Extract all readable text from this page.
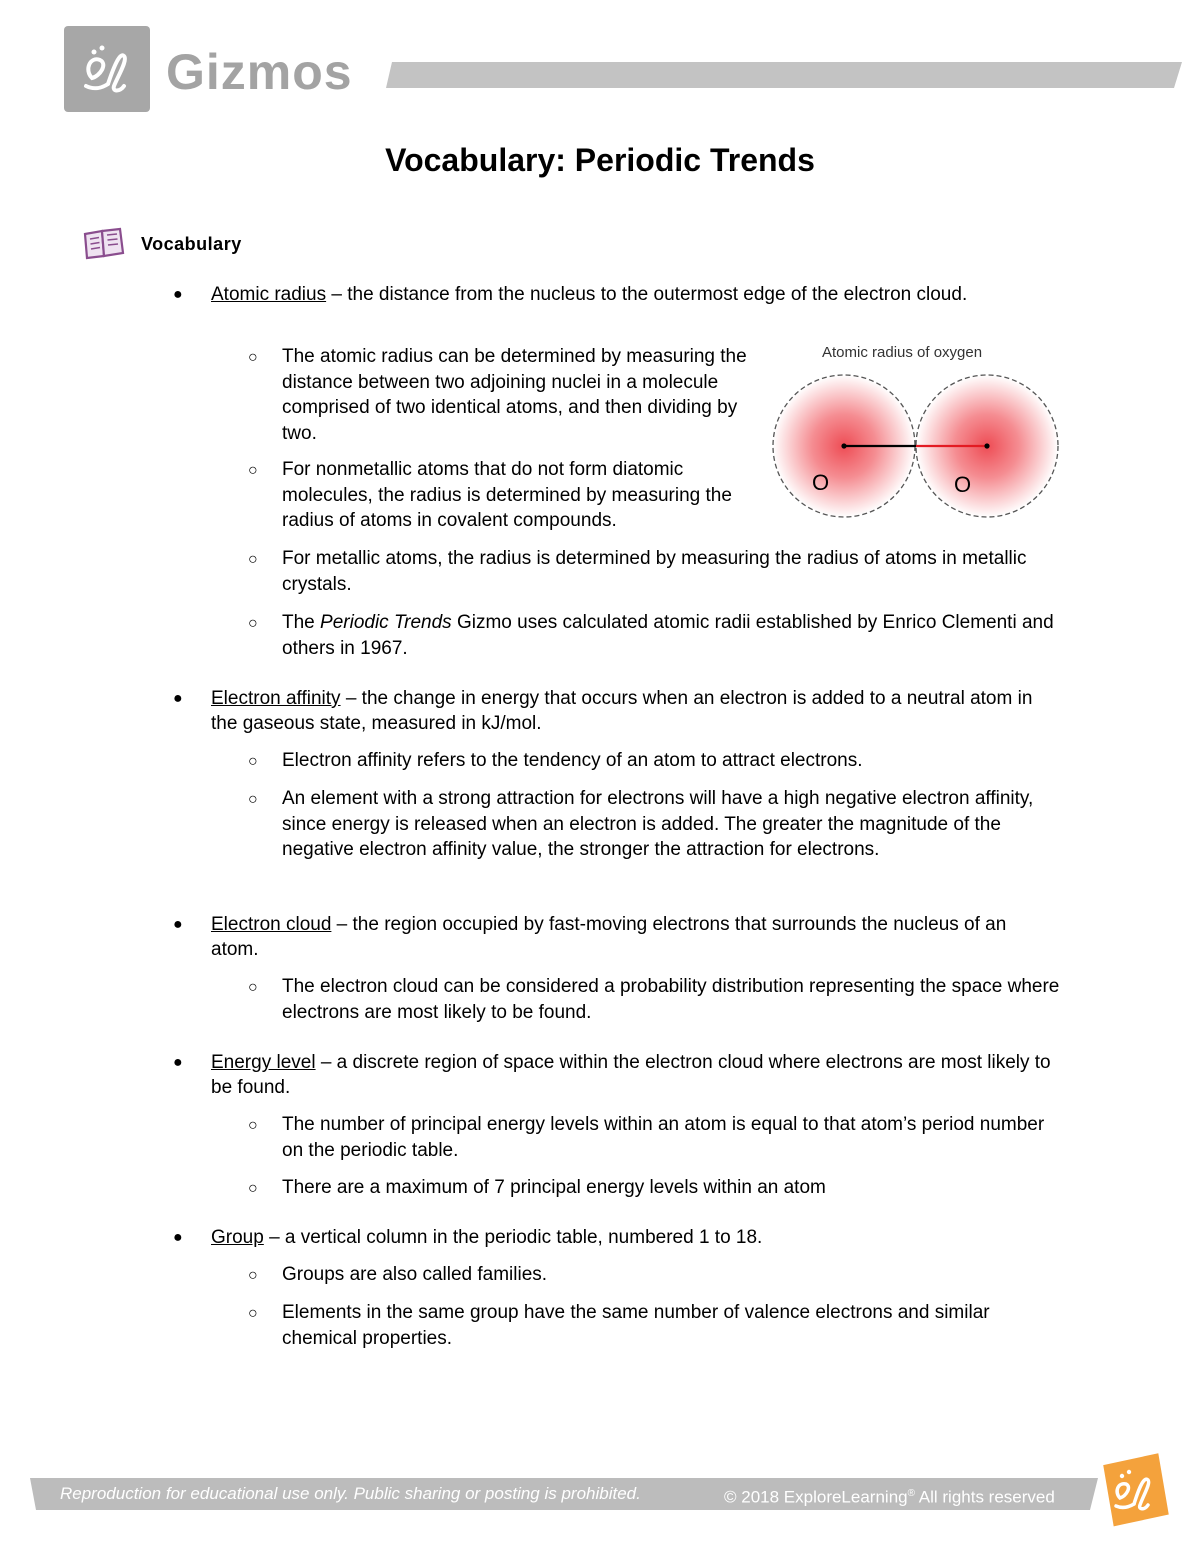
Gizmos
Vocabulary: Periodic Trends
Vocabulary
● Atomic radius – the distance from the nucleus to the outermost edge of the electron cloud.
○ The atomic radius can be determined by measuring the distance between two adjoining nuclei in a molecule comprised of two identical atoms, and then dividing by two.
○ For nonmetallic atoms that do not form diatomic molecules, the radius is determined by measuring the radius of atoms in covalent compounds.
○ For metallic atoms, the radius is determined by measuring the radius of atoms in metallic crystals.
○ The Periodic Trends Gizmo uses calculated atomic radii established by Enrico Clementi and others in 1967.
● Electron affinity – the change in energy that occurs when an electron is added to a neutral atom in the gaseous state, measured in kJ/mol.
○ Electron affinity refers to the tendency of an atom to attract electrons.
○ An element with a strong attraction for electrons will have a high negative electron affinity, since energy is released when an electron is added. The greater the magnitude of the negative electron affinity value, the stronger the attraction for electrons.
● Electron cloud – the region occupied by fast-moving electrons that surrounds the nucleus of an atom.
○ The electron cloud can be considered a probability distribution representing the space where electrons are most likely to be found.
● Energy level – a discrete region of space within the electron cloud where electrons are most likely to be found.
○ The number of principal energy levels within an atom is equal to that atom’s period number on the periodic table.
○ There are a maximum of 7 principal energy levels within an atom
● Group – a vertical column in the periodic table, numbered 1 to 18.
○ Groups are also called families.
○ Elements in the same group have the same number of valence electrons and similar chemical properties.
Atomic radius of oxygen
O	O
Reproduction for educational use only. Public sharing or posting is prohibited.	© 2018 ExploreLearning® All rights reserved
